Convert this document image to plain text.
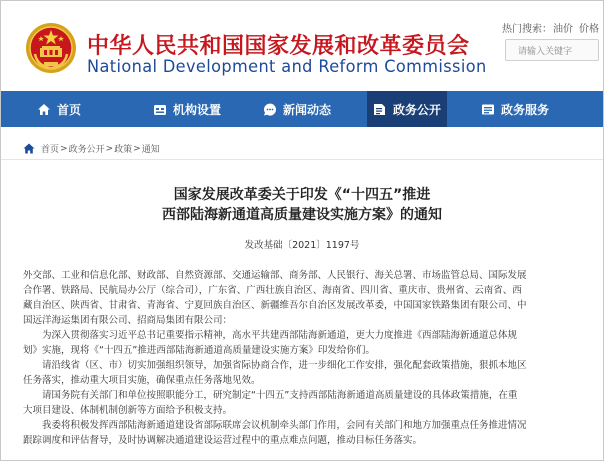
中华人民共和国国家发展和改革委员会
National Development and Reform Commission
热门搜索：油价 价格
请输入关键字
首页	机构设置	新闻动态	政务公开	政务服务
首页 > 政务公开 > 政策 > 通知
国家发展改革委关于印发《“十四五”推进
西部陆海新通道高质量建设实施方案》的通知
发改基础〔2021〕1197号
外交部、工业和信息化部、财政部、自然资源部、交通运输部、商务部、人民银行、海关总署、市场监管总局、国际发展
合作署、铁路局、民航局办公厅（综合司），广东省、广西壮族自治区、海南省、四川省、重庆市、贵州省、云南省、西
藏自治区、陕西省、甘肃省、青海省、宁夏回族自治区、新疆维吾尔自治区发展改革委，中国国家铁路集团有限公司、中
国远洋海运集团有限公司、招商局集团有限公司：
　　为深入贯彻落实习近平总书记重要指示精神，高水平共建西部陆海新通道，更大力度推进《西部陆海新通道总体规
划》实施，现将《“十四五”推进西部陆海新通道高质量建设实施方案》印发给你们。
　　请沿线省（区、市）切实加强组织领导，加强省际协商合作，进一步细化工作安排，强化配套政策措施，狠抓本地区
任务落实，推动重大项目实施，确保重点任务落地见效。
　　请国务院有关部门和单位按照职能分工，研究制定“十四五”支持西部陆海新通道高质量建设的具体政策措施，在重
大项目建设、体制机制创新等方面给予积极支持。
　　我委将积极发挥西部陆海新通道建设省部际联席会议机制牵头部门作用，会同有关部门和地方加强重点任务推进情况
跟踪调度和评估督导，及时协调解决通道建设运营过程中的重点难点问题，推动目标任务落实。
